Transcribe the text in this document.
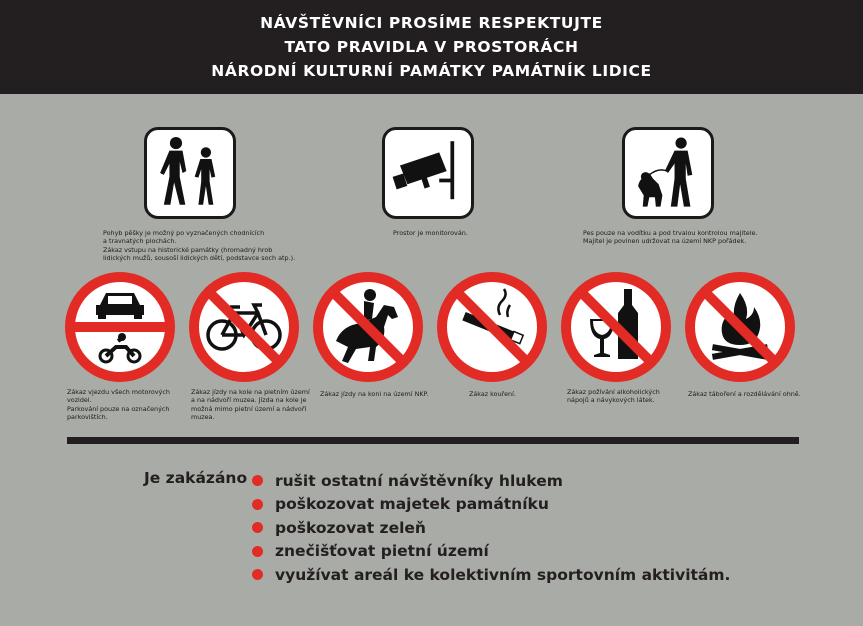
NÁVŠTĚVNÍCI PROSÍME RESPEKTUJTE
TATO PRAVIDLA V PROSTORÁCH
NÁRODNÍ KULTURNÍ PAMÁTKY PAMÁTNÍK LIDICE
Pohyb pěšky je možný po vyznačených chodnících
a travnatých plochách.
Zákaz vstupu na historické památky (hromadný hrob
lidických mužů, sousoší lidických dětí, podstavce soch atp.).
Prostor je monitorován.	Pes pouze na vodítku a pod trvalou kontrolou majitele.
Majitel je povinen udržovat na území NKP pořádek.
Zákaz vjezdu všech motorových
vozidel.
Parkování pouze na označených
parkovištích.
Zákaz jízdy na kole na pietním území
a na nádvoří muzea. Jízda na kole je
možná mimo pietní území a nádvoří
muzea.
Zákaz jízdy na koni na území NKP.	Zákaz kouření.	Zákaz požívání alkoholických
nápojů a návykových látek.
Zákaz táboření a rozdělávání ohně.
Je zakázáno rušit ostatní návštěvníky hlukem
poškozovat majetek památníku
poškozovat zeleň
znečišťovat pietní území
využívat areál ke kolektivním sportovním aktivitám.
